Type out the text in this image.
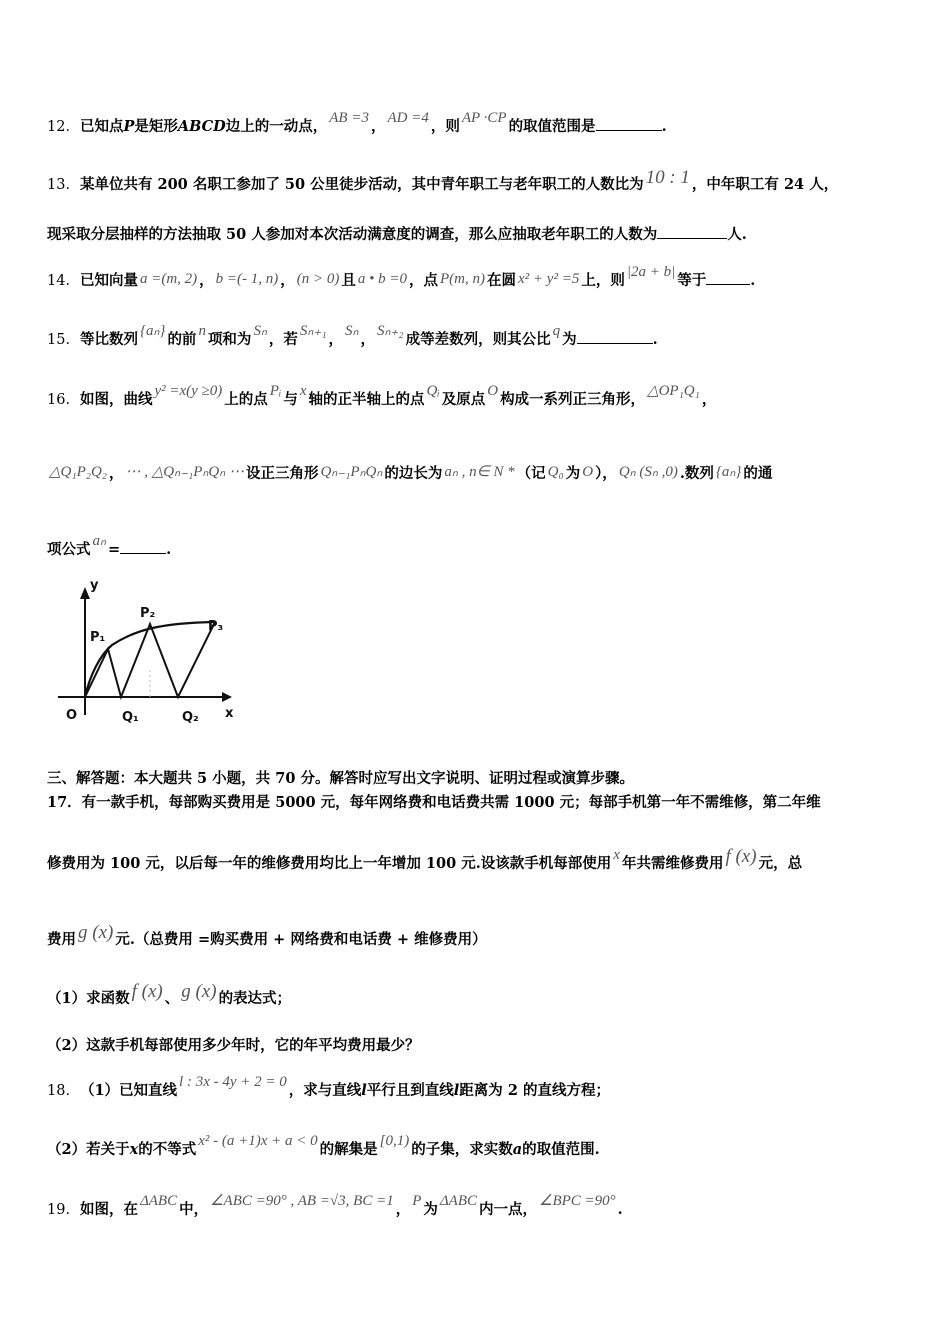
12．已知点P是矩形ABCD边上的一动点， AB =3 ， AD =4 ，则 AP ·CP 的取值范围是	.
13．某单位共有 200 名职工参加了 50 公里徒步活动，其中青年职工与老年职工的人数比为 10 : 1 ，中年职工有 24 人，
现采取分层抽样的方法抽取 50 人参加对本次活动满意度的调查，那么应抽取老年职工的人数为	人.
14．已知向量 a =(m, 2) ， b =(- 1, n) ， (n > 0) 且 a • b =0 ，点 P(m, n) 在圆 x² + y² =5 上，则 |2a + b| 等于	.
15．等比数列 {aₙ} 的前 n 项和为 Sₙ ，若 Sₙ₊₁ ， Sₙ ， Sₙ₊₂ 成等差数列，则其公比 q 为	.
16．如图，曲线 y² =x(y ≥0) 上的点 Pᵢ 与 x 轴的正半轴上的点 Qᵢ 及原点 O 构成一系列正三角形， △OP₁Q₁ ，
△Q₁P₂Q₂ ， ⋯ , △Qₙ₋₁PₙQₙ ⋯ 设正三角形 Qₙ₋₁PₙQₙ 的边长为 aₙ , n∈ N * （记 Q₀ 为 O ）， Qₙ (Sₙ ,0) .数列 {aₙ} 的通
项公式 aₙ =	.
y
x
O
P₁
P₂
P₃
Q₁	Q₂
三、解答题：本大题共 5 小题，共 70 分。解答时应写出文字说明、证明过程或演算步骤。
17．有一款手机，每部购买费用是 5000 元，每年网络费和电话费共需 1000 元；每部手机第一年不需维修，第二年维
修费用为 100 元，以后每一年的维修费用均比上一年增加 100 元.设该款手机每部使用 x 年共需维修费用 f (x) 元，总
费用 g (x) 元.（总费用 =购买费用 + 网络费和电话费 + 维修费用）
（1）求函数 f (x) 、 g (x) 的表达式；
（2）这款手机每部使用多少年时，它的年平均费用最少？
18．（1）已知直线 l : 3x - 4y + 2 = 0 ，求与直线l平行且到直线l距离为 2 的直线方程；
（2）若关于x的不等式 x² - (a +1)x + a < 0 的解集是 [0,1) 的子集，求实数a的取值范围.
19．如图，在 ΔABC 中， ∠ABC =90° , AB =√3, BC =1 ， P 为 ΔABC 内一点， ∠BPC =90° .
